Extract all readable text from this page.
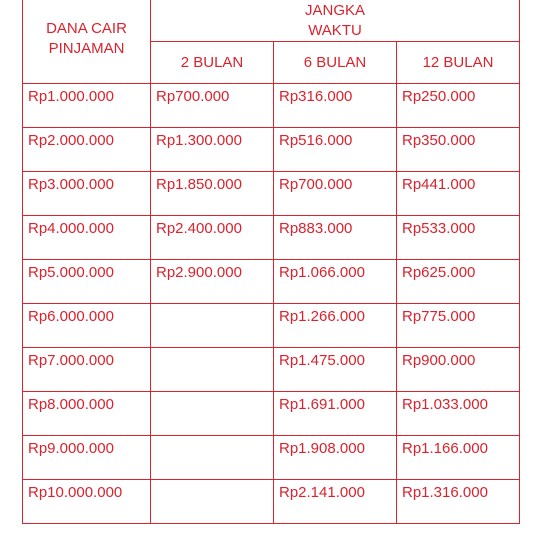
DANA CAIR
PINJAMAN	JANGKA
WAKTU		

	2 BULAN	6 BULAN	12 BULAN
Rp1.000.000	Rp700.000	Rp316.000	Rp250.000
Rp2.000.000	Rp1.300.000	Rp516.000	Rp350.000
Rp3.000.000	Rp1.850.000	Rp700.000	Rp441.000
Rp4.000.000	Rp2.400.000	Rp883.000	Rp533.000
Rp5.000.000	Rp2.900.000	Rp1.066.000	Rp625.000
Rp6.000.000		Rp1.266.000	Rp775.000
Rp7.000.000		Rp1.475.000	Rp900.000
Rp8.000.000		Rp1.691.000	Rp1.033.000
Rp9.000.000		Rp1.908.000	Rp1.166.000
Rp10.000.000		Rp2.141.000	Rp1.316.000
